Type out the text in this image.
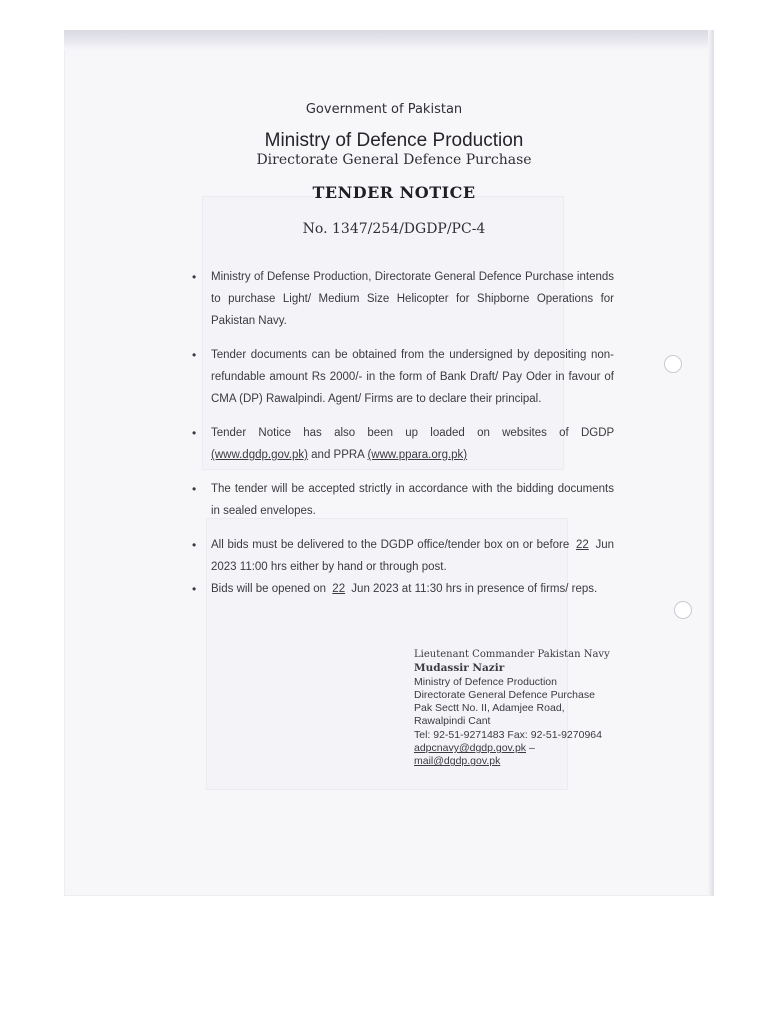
Government of Pakistan
Ministry of Defence Production
Directorate General Defence Purchase
TENDER NOTICE
No. 1347/254/DGDP/PC-4
• Ministry of Defense Production, Directorate General Defence Purchase intends to purchase Light/ Medium Size Helicopter for Shipborne Operations for Pakistan Navy.
• Tender documents can be obtained from the undersigned by depositing non-refundable amount Rs 2000/- in the form of Bank Draft/ Pay Oder in favour of CMA (DP) Rawalpindi. Agent/ Firms are to declare their principal.
• Tender Notice has also been up loaded on websites of DGDP (www.dgdp.gov.pk) and PPRA (www.ppara.org.pk)
• The tender will be accepted strictly in accordance with the bidding documents in sealed envelopes.
• All bids must be delivered to the DGDP office/tender box on or before 22 Jun 2023 11:00 hrs either by hand or through post.
• Bids will be opened on 22 Jun 2023 at 11:30 hrs in presence of firms/ reps.
Lieutenant Commander Pakistan Navy
Mudassir Nazir
Ministry of Defence Production
Directorate General Defence Purchase
Pak Sectt No. II, Adamjee Road,
Rawalpindi Cant
Tel: 92-51-9271483 Fax: 92-51-9270964
adpcnavy@dgdp.gov.pk –
mail@dgdp.gov.pk
